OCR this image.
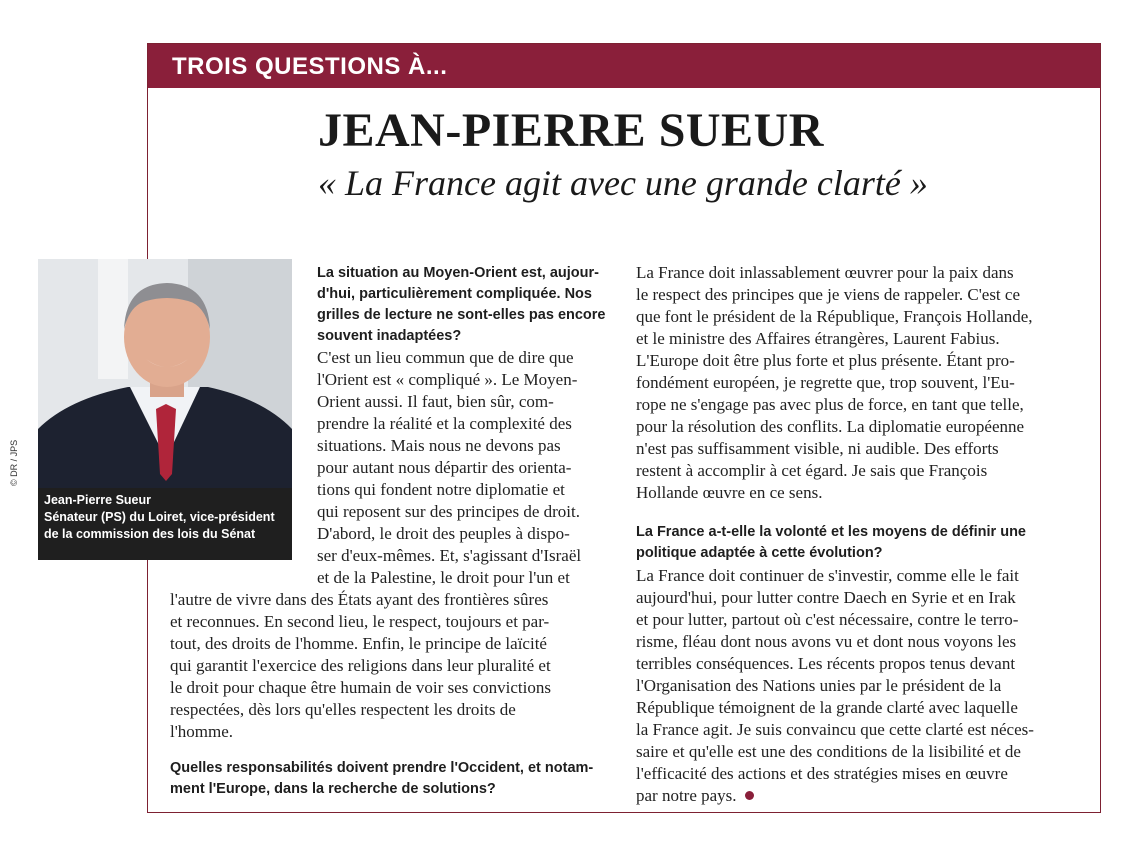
TROIS QUESTIONS À...
JEAN-PIERRE SUEUR
« La France agit avec une grande clarté »
© DR / JPS
Jean-Pierre Sueur
Sénateur (PS) du Loiret, vice-président
de la commission des lois du Sénat
La situation au Moyen-Orient est, aujour-
d'hui, particulièrement compliquée. Nos
grilles de lecture ne sont-elles pas encore
souvent inadaptées?
C'est un lieu commun que de dire que
l'Orient est « compliqué ». Le Moyen-
Orient aussi. Il faut, bien sûr, com-
prendre la réalité et la complexité des
situations. Mais nous ne devons pas
pour autant nous départir des orienta-
tions qui fondent notre diplomatie et
qui reposent sur des principes de droit.
D'abord, le droit des peuples à dispo-
ser d'eux-mêmes. Et, s'agissant d'Israël
et de la Palestine, le droit pour l'un et
l'autre de vivre dans des États ayant des frontières sûres
et reconnues. En second lieu, le respect, toujours et par-
tout, des droits de l'homme. Enfin, le principe de laïcité
qui garantit l'exercice des religions dans leur pluralité et
le droit pour chaque être humain de voir ses convictions
respectées, dès lors qu'elles respectent les droits de
l'homme.
Quelles responsabilités doivent prendre l'Occident, et notam-
ment l'Europe, dans la recherche de solutions?
La France doit inlassablement œuvrer pour la paix dans
le respect des principes que je viens de rappeler. C'est ce
que font le président de la République, François Hollande,
et le ministre des Affaires étrangères, Laurent Fabius.
L'Europe doit être plus forte et plus présente. Étant pro-
fondément européen, je regrette que, trop souvent, l'Eu-
rope ne s'engage pas avec plus de force, en tant que telle,
pour la résolution des conflits. La diplomatie européenne
n'est pas suffisamment visible, ni audible. Des efforts
restent à accomplir à cet égard. Je sais que François
Hollande œuvre en ce sens.
La France a-t-elle la volonté et les moyens de définir une
politique adaptée à cette évolution?
La France doit continuer de s'investir, comme elle le fait
aujourd'hui, pour lutter contre Daech en Syrie et en Irak
et pour lutter, partout où c'est nécessaire, contre le terro-
risme, fléau dont nous avons vu et dont nous voyons les
terribles conséquences. Les récents propos tenus devant
l'Organisation des Nations unies par le président de la
République témoignent de la grande clarté avec laquelle
la France agit. Je suis convaincu que cette clarté est néces-
saire et qu'elle est une des conditions de la lisibilité et de
l'efficacité des actions et des stratégies mises en œuvre
par notre pays.
